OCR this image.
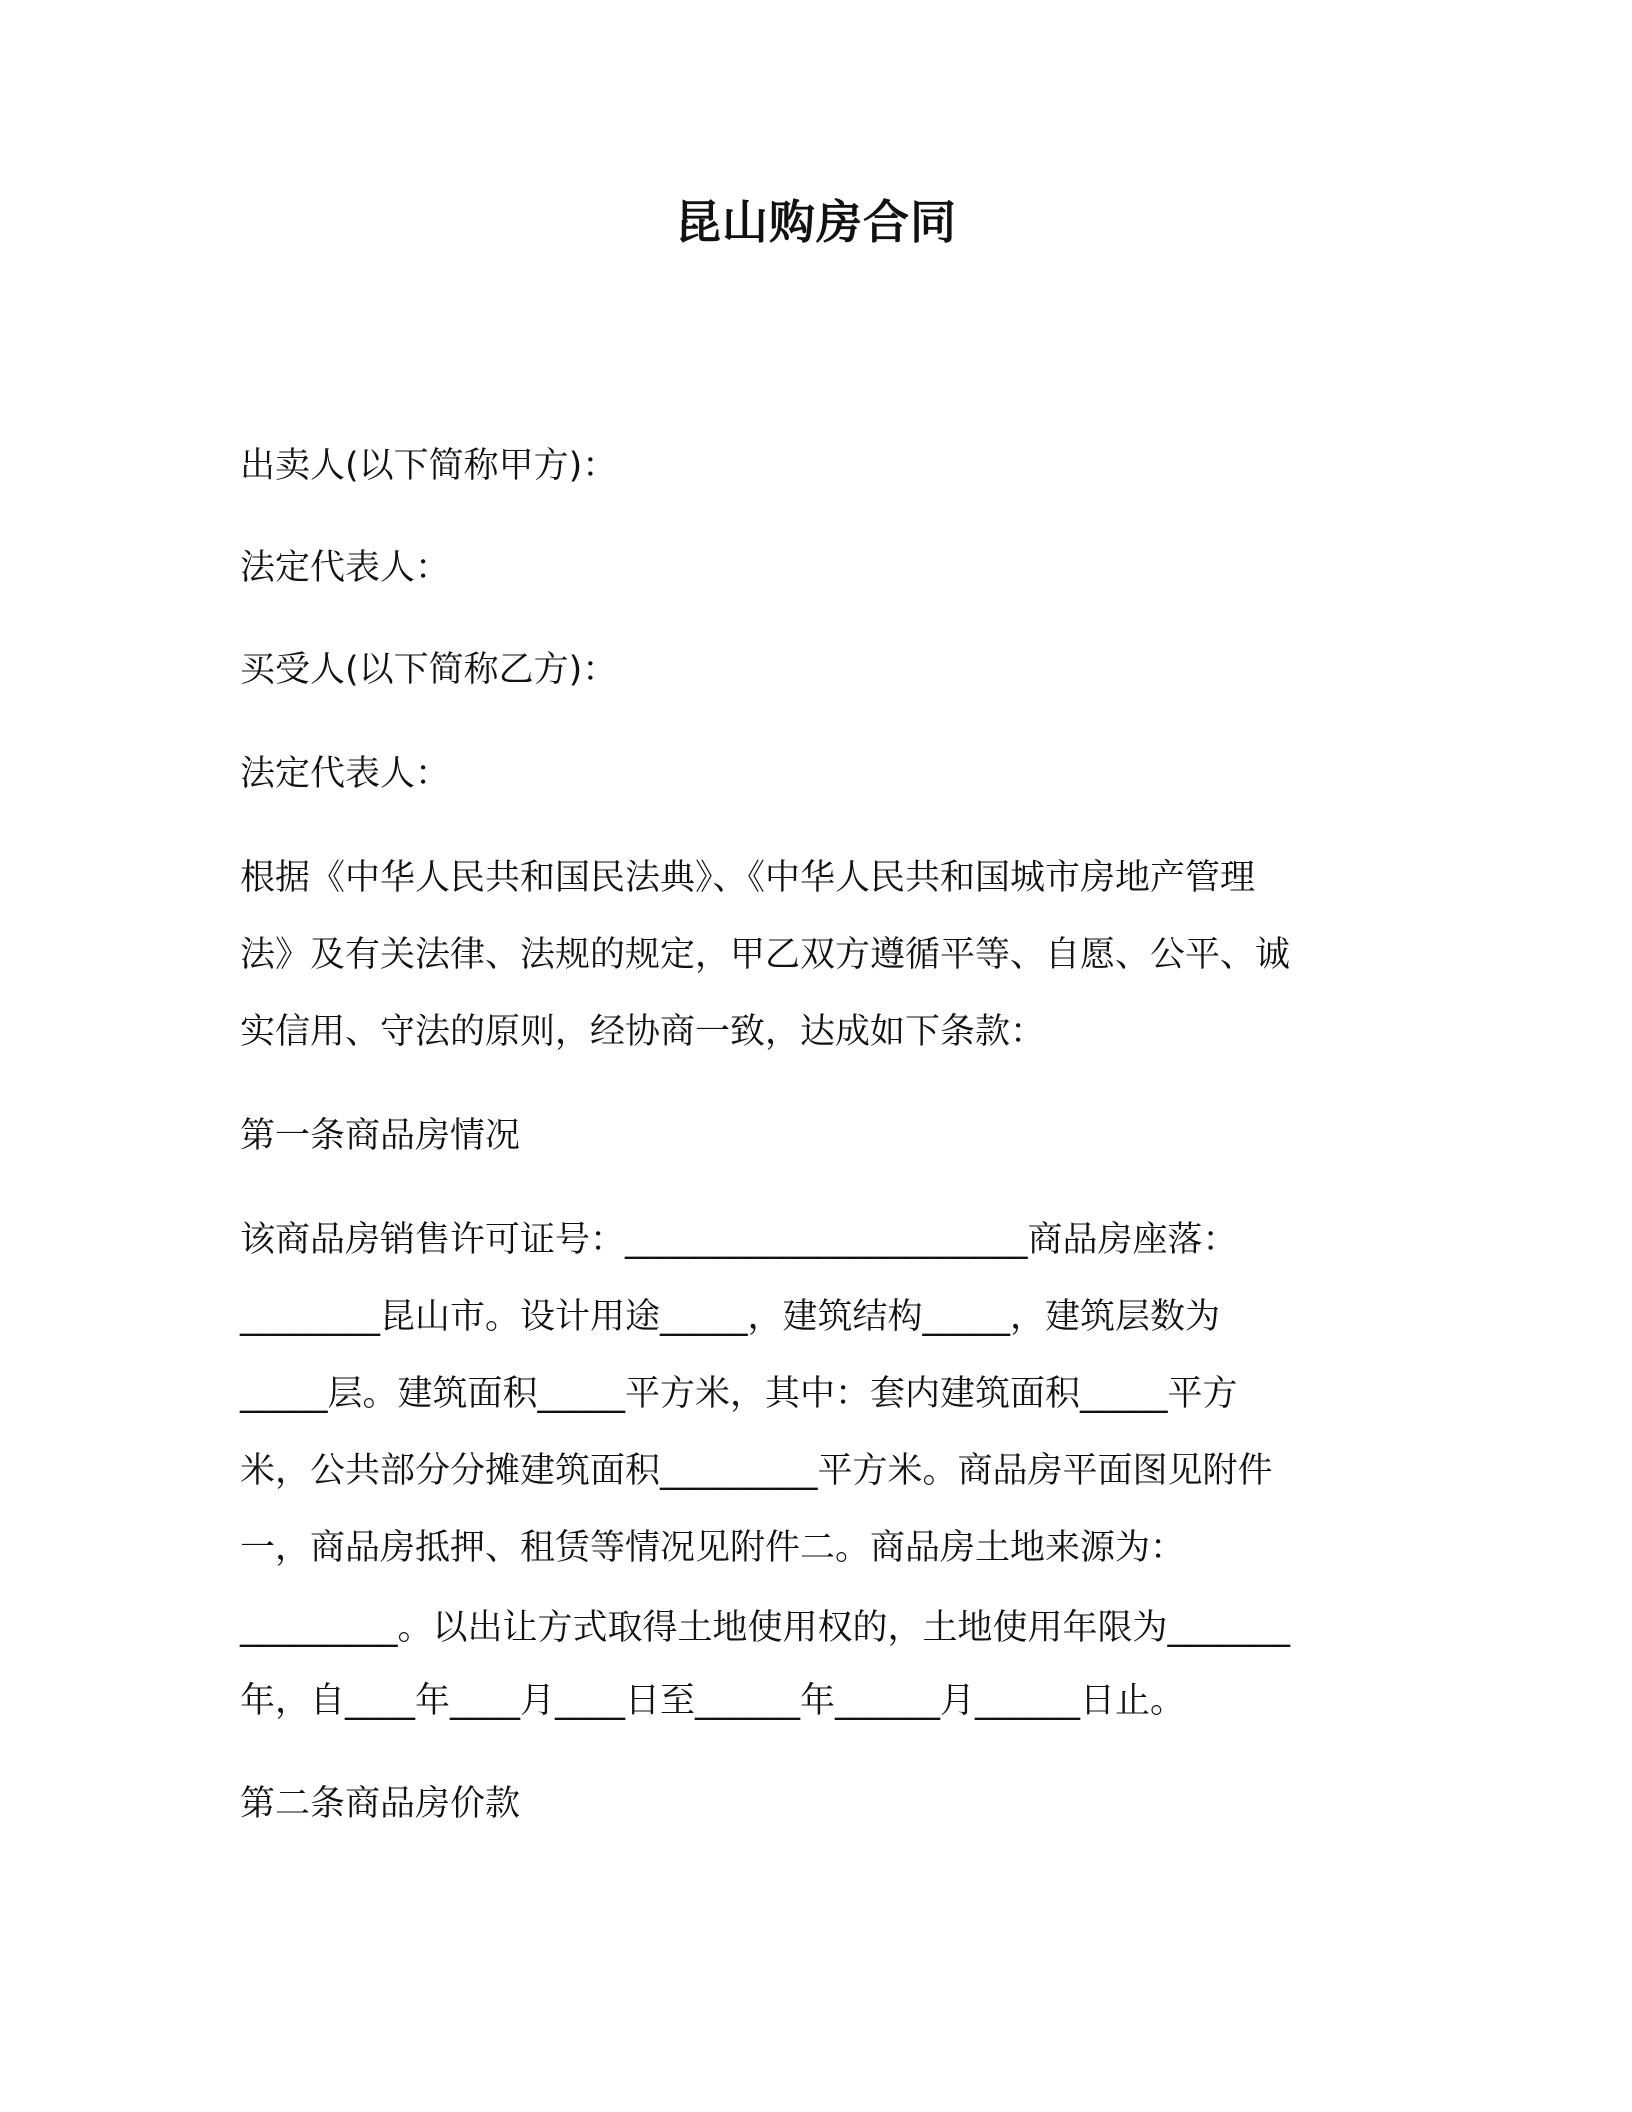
昆山购房合同
出卖人(以下简称甲方)：
法定代表人：
买受人(以下简称乙方)：
法定代表人：
根据《中华人民共和国民法典》、《中华人民共和国城市房地产管理
法》及有关法律、法规的规定，甲乙双方遵循平等、自愿、公平、诚
实信用、守法的原则，经协商一致，达成如下条款：
第一条商品房情况
该商品房销售许可证号：_______________________商品房座落：
________昆山市。设计用途_____，建筑结构_____，建筑层数为
_____层。建筑面积_____平方米，其中：套内建筑面积_____平方
米，公共部分分摊建筑面积_________平方米。商品房平面图见附件
一，商品房抵押、租赁等情况见附件二。商品房土地来源为：
_________。以出让方式取得土地使用权的，土地使用年限为_______
年，自____年____月____日至______年______月______日止。
第二条商品房价款
